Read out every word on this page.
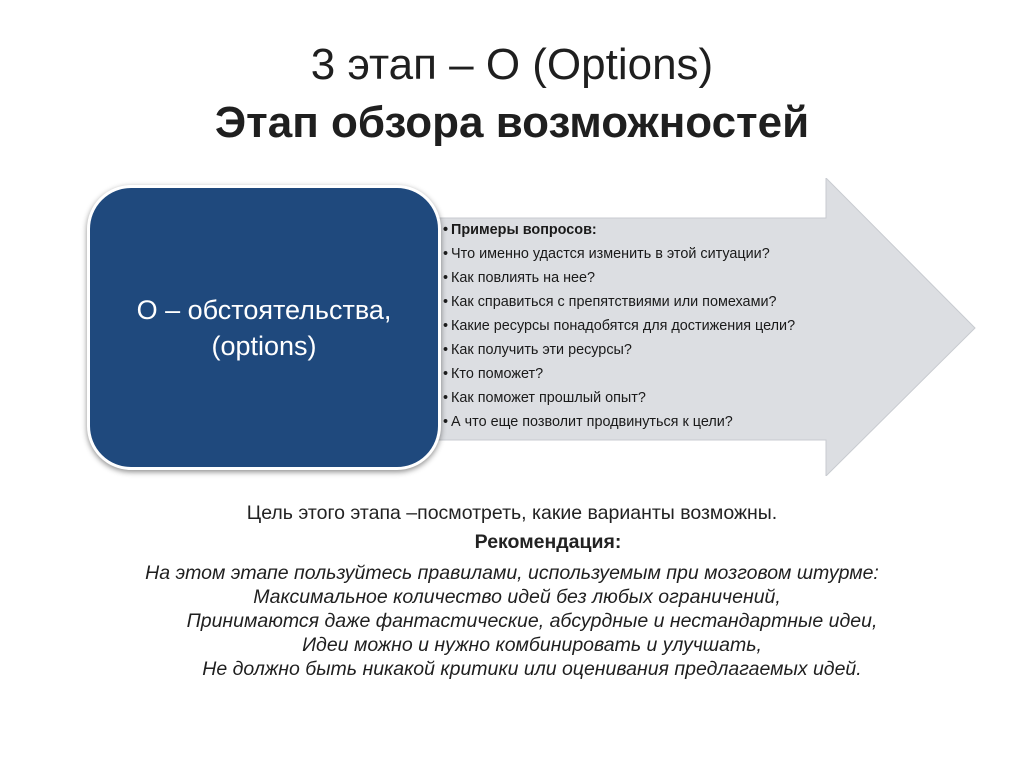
3 этап – О (Options)
Этап обзора возможностей
О – обстоятельства,
(options)
• Примеры вопросов:
• Что именно удастся изменить в этой ситуации?
• Как повлиять на нее?
• Как справиться с препятствиями или помехами?
• Какие ресурсы понадобятся для достижения цели?
• Как получить эти ресурсы?
• Кто поможет?
• Как поможет прошлый опыт?
• А что еще позволит продвинуться к цели?
Цель этого этапа –посмотреть, какие варианты возможны.
Рекомендация:
На этом этапе пользуйтесь правилами, используемым при мозговом штурме:
Максимальное количество идей без любых ограничений,
Принимаются даже фантастические, абсурдные и нестандартные идеи,
Идеи можно и нужно комбинировать и улучшать,
Не должно быть никакой критики или оценивания предлагаемых идей.
